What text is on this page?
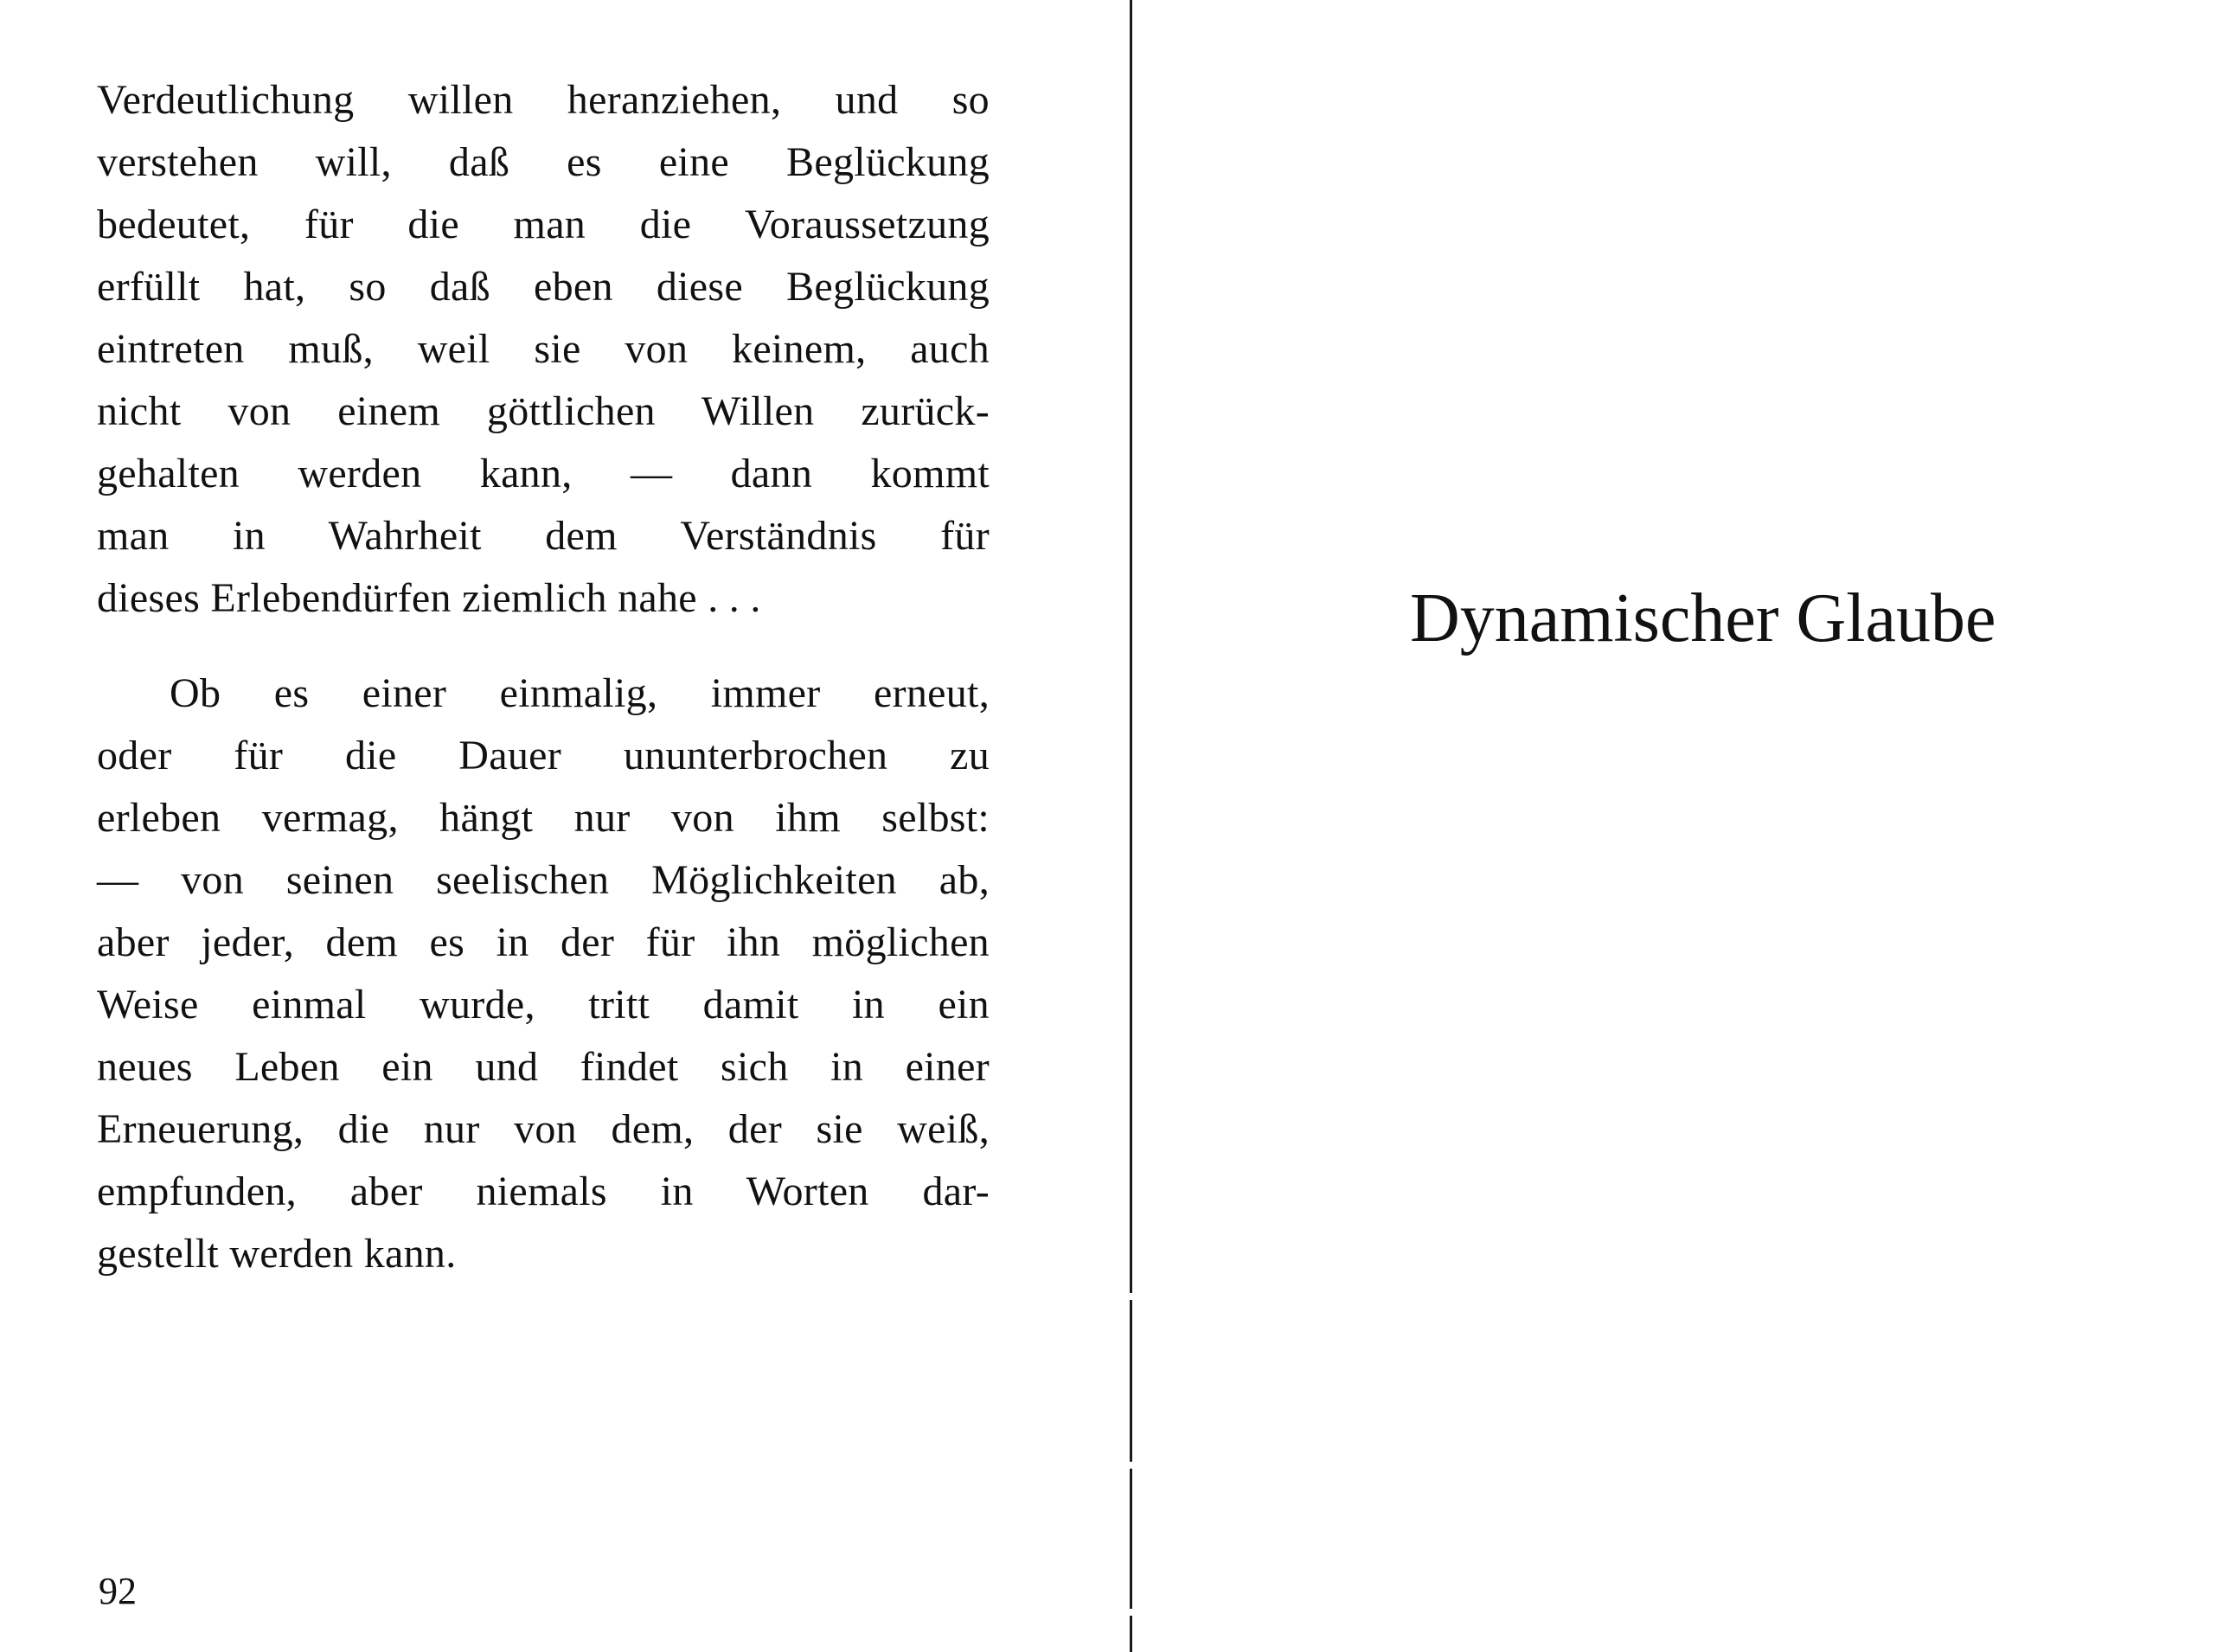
Verdeutlichung willen heranziehen, und so
verstehen will, daß es eine Beglückung
bedeutet, für die man die Voraussetzung
erfüllt hat, so daß eben diese Beglückung
eintreten muß, weil sie von keinem, auch
nicht von einem göttlichen Willen zurück-
gehalten werden kann, — dann kommt
man in Wahrheit dem Verständnis für
dieses Erlebendürfen ziemlich nahe . . .
Ob es einer einmalig, immer erneut,
oder für die Dauer ununterbrochen zu
erleben vermag, hängt nur von ihm selbst:
— von seinen seelischen Möglichkeiten ab,
aber jeder, dem es in der für ihn möglichen
Weise einmal wurde, tritt damit in ein
neues Leben ein und findet sich in einer
Erneuerung, die nur von dem, der sie weiß,
empfunden, aber niemals in Worten dar-
gestellt werden kann.
92
Dynamischer Glaube
